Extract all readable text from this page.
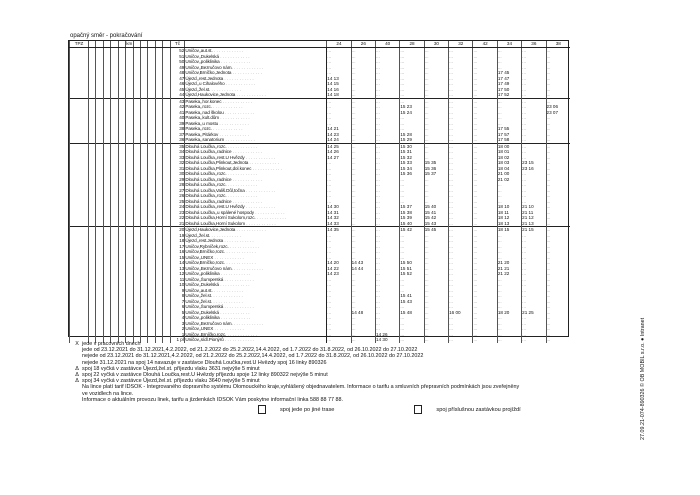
opačný směr - pokračování
TPZ						km						Tč		24	26	40	28	30	32	42	34	36	38
												52	Uničov,,aut.st. . . . . . . . . . . . .	...	...	...	...	...	...	...	...	...	...
												51	Uničov,,Dukelská . . . . . . . . . . . .	...	...	...	...	...	...	...	...	...	...
												50	Uničov,,poliklinika . . . . . . . . . . . .	...	...	...	...	...	...	...	...	...	...
												49	Uničov,,Bezručovo nám. . . . . . . . . . . . .	...	...	...	...	...	...	...	...	...	...
												48	Uničov,Brníčko,Jednota . . . . . . . . . . . .	...	...	...	...	...	...	...	17 45	...	...
												47	Újezd,,rest.Jednota . . . . . . . . . . . .	14 13	...	...	...	...	...	...	17 47	...	...
												46	Újezd,,u Cihalového . . . . . . . . . . . .	14 15	...	...	...	...	...	...	17 49	...	...
												45	Újezd,,žel.st. . . . . . . . . . . . .	14 16	...	...	...	...	...	...	17 50	...	...
												44	Újezd,Haukovice,Jednota . . . . . . . . . . . .	14 18	...	...	...	...	...	...	17 52	...	...
												43	Paseka,,hor.konec . . . . . . . . . . . .	...	...	...	...	...	...	...	...	...	...
												42	Paseka,,rozc. . . . . . . . . . . . .	...	...	...	15 23	...	...	...	...	...	23 06
												41	Paseka,,nad školou . . . . . . . . . . . .	...	...	...	15 24	...	...	...	...	...	23 07
												40	Paseka,,kult.dům . . . . . . . . . . . .	...	...	...	...	...	...	...	...	...	...
												39	Paseka,,u mostu . . . . . . . . . . . .	...	...	...	...	...	...	...	...	...	...
												38	Paseka,,rozc. . . . . . . . . . . . .	14 21	...	...	...	...	...	...	17 55	...	...
												37	Paseka,,Pitárkov . . . . . . . . . . . .	14 23	...	...	15 28	...	...	...	17 57	...	...
												36	Paseka,,sanatorium . . . . . . . . . . . .	14 24	...	...	15 29	...	...	...	17 58	...	...
												35	Dlouhá Loučka,,rozc. . . . . . . . . . . . .	14 25	...	...	15 30	...	...	...	18 00	...	...
												34	Dlouhá Loučka,,radnice . . . . . . . . . . . .	14 26	...	...	15 31	...	...	...	18 01	...	...
												33	Dlouhá Loučka,,rest.U Hvězdy . . . . . . . . . . . .	14 27	...	...	15 32	...	...	...	18 02	...	...
												32	Dlouhá Loučka,Plinkout,Jednota . . . . . . . . . . . .	...	...	...	15 33	15 35	...	...	18 03	23 15	...
												31	Dlouhá Loučka,Plinkout,dol.konec . . . . . . . . . . . .	...	...	...	15 34	15 36	...	...	18 04	23 16	...
												30	Dlouhá Loučka,,rozc. . . . . . . . . . . . .	...	...	...	15 36	15 37	...	...	21 00	...	...
												29	Dlouhá Loučka,,radnice . . . . . . . . . . . .	...	...	...	...	...	...	...	21 02	...	...
												28	Dlouhá Loučka,,rozc. . . . . . . . . . . . .	...	...	...	...	...	...	...	...	...	...
												27	Dlouhá Loučka,Vališ.Důl,točna . . . . . . . . . . . .	...	...	...	...	...	...	...	...	...	...
												26	Dlouhá Loučka,,rozc. . . . . . . . . . . . .	...	...	...	...	...	...	...	...	...	...
												25	Dlouhá Loučka,,radnice . . . . . . . . . . . .	...	...	...	...	...	...	...	...	...	...
												24	Dlouhá Loučka,,rest.U Hvězdy . . . . . . . . . . . .	14 30	...	...	15 37	15 40	...	...	18 10	21 10	...
												23	Dlouhá Loučka,,u spálené hospody . . . . . . . . . . . .	14 31	...	...	15 38	15 41	...	...	18 11	21 11	...
												22	Dlouhá Loučka,Horní Sukolom,rozc. . . . . . . . . . . . .	14 32	...	...	15 39	15 42	...	...	18 12	21 12	...
												21	Dlouhá Loučka,Horní Sukolom . . . . . . . . . . . .	14 33	...	...	15 40	15 43	...	...	18 13	21 13	...
												20	Újezd,Haukovice,Jednota . . . . . . . . . . . .	14 35	...	...	15 42	15 45	...	...	18 15	21 15	...
												19	Újezd,,žel.st. . . . . . . . . . . . .	...	...	...	...	...	...	...	...	...	...
												18	Újezd,,rest.Jednota . . . . . . . . . . . .	...	...	...	...	...	...	...	...	...	...
												17	Uničov,Rybníček,rozc. . . . . . . . . . . . .	...	...	...	...	...	...	...	...	...	...
												16	Uničov,Brníčko,rozc. . . . . . . . . . . . .	...	...	...	...	...	...	...	...	...	...
												15	Uničov,,UNEX . . . . . . . . . . . .	...	...	...	...	...	...	...	...	...	...
												14	Uničov,Brníčko,rozc. . . . . . . . . . . . .	14 20	14 43	...	15 50	...	...	...	21 20	...	...
												13	Uničov,,Bezručovo nám. . . . . . . . . . . . .	14 22	14 44	...	15 51	...	...	...	21 21	...	...
												12	Uničov,,poliklinika . . . . . . . . . . . .	14 23	...	...	15 52	...	...	...	21 22	...	...
												11	Uničov,,Šumperská . . . . . . . . . . . .	...	...	...	...	...	...	...	...	...	...
												10	Uničov,,Dukelská . . . . . . . . . . . .	...	...	...	...	...	...	...	...	...	...
												9	Uničov,,aut.st. . . . . . . . . . . . .	...	...	...	...	...	...	...	...	...	...
												8	Uničov,,žel.st. . . . . . . . . . . . .	...	...	...	15 41	...	...	...	...	...	...
												7	Uničov,,žel.st. . . . . . . . . . . . .	...	...	...	15 43	...	...	...	...	...	...
												6	Uničov,,Šumperská . . . . . . . . . . . .	...	...	...	...	...	...	...	...	...	...
												5	Uničov,,Dukelská . . . . . . . . . . . .	...	14 48	...	15 48	...	16 00	...	18 20	21 25	...
												4	Uničov,,poliklinika . . . . . . . . . . . .	...	...	...	...	...	...	...	...	...	...
												3	Uničov,,Bezručovo nám. . . . . . . . . . . . .	...	...	...	...	...	...	...	...	...	...
												2	Uničov,,UNEX . . . . . . . . . . . .	...	...	...	...	...	...	...	...	...	...
												1	Uničov,,Brníčko,rozc. . . . . . . . . . . . .	...	...	14 26	...	...	...	...	...	...	...
												1 př	Uničov,,sídl.Pionýrů . . . . . . . . . . . .	...	...	14 30	...	...	...	...	...	...	...
X jede v pracovních dnech
jede od 23.12.2021 do 31.12.2021,4.2.2022, od 21.2.2022 do 25.2.2022,14.4.2022, od 1.7.2022 do 31.8.2022, od 26.10.2022 do 27.10.2022
nejede od 23.12.2021 do 31.12.2021,4.2.2022, od 21.2.2022 do 25.2.2022,14.4.2022, od 1.7.2022 do 31.8.2022, od 26.10.2022 do 27.10.2022
nejede 31.12.2021 na spoj 14 navazuje v zastávce Dlouhá Loučka,rest.U Hvězdy spoj 16 linky 890326
Δ spoj 18 vyčká v zastávce Újezd,žel.st. příjezdu vlaku 3631 nejvýše 5 minut
Δ spoj 22 vyčká v zastávce Dlouhá Loučka,rest.U Hvězdy příjezdu spoje 12 linky 890322 nejvýše 5 minut
Δ spoj 34 vyčká v zastávce Újezd,žel.st. příjezdu vlaku 3640 nejvýše 5 minut
Na lince platí tarif IDSOK - Integrovaného dopravního systému Olomouckého kraje,vyhlášený objednavatelem. Informace o tarifu a smluvních přepravních podmínkách jsou zveřejněny
ve vozidlech na lince.
Informace o aktuálním provozu linek, tarifu a jízdenkách IDSOK Vám poskytne informační linka 588 88 77 88.
spoj jede po jiné trase	spoj příslušnou zastávkou projíždí	27.09.21-074-890326 © OB MOBIL s.r.o. ● Intranet
